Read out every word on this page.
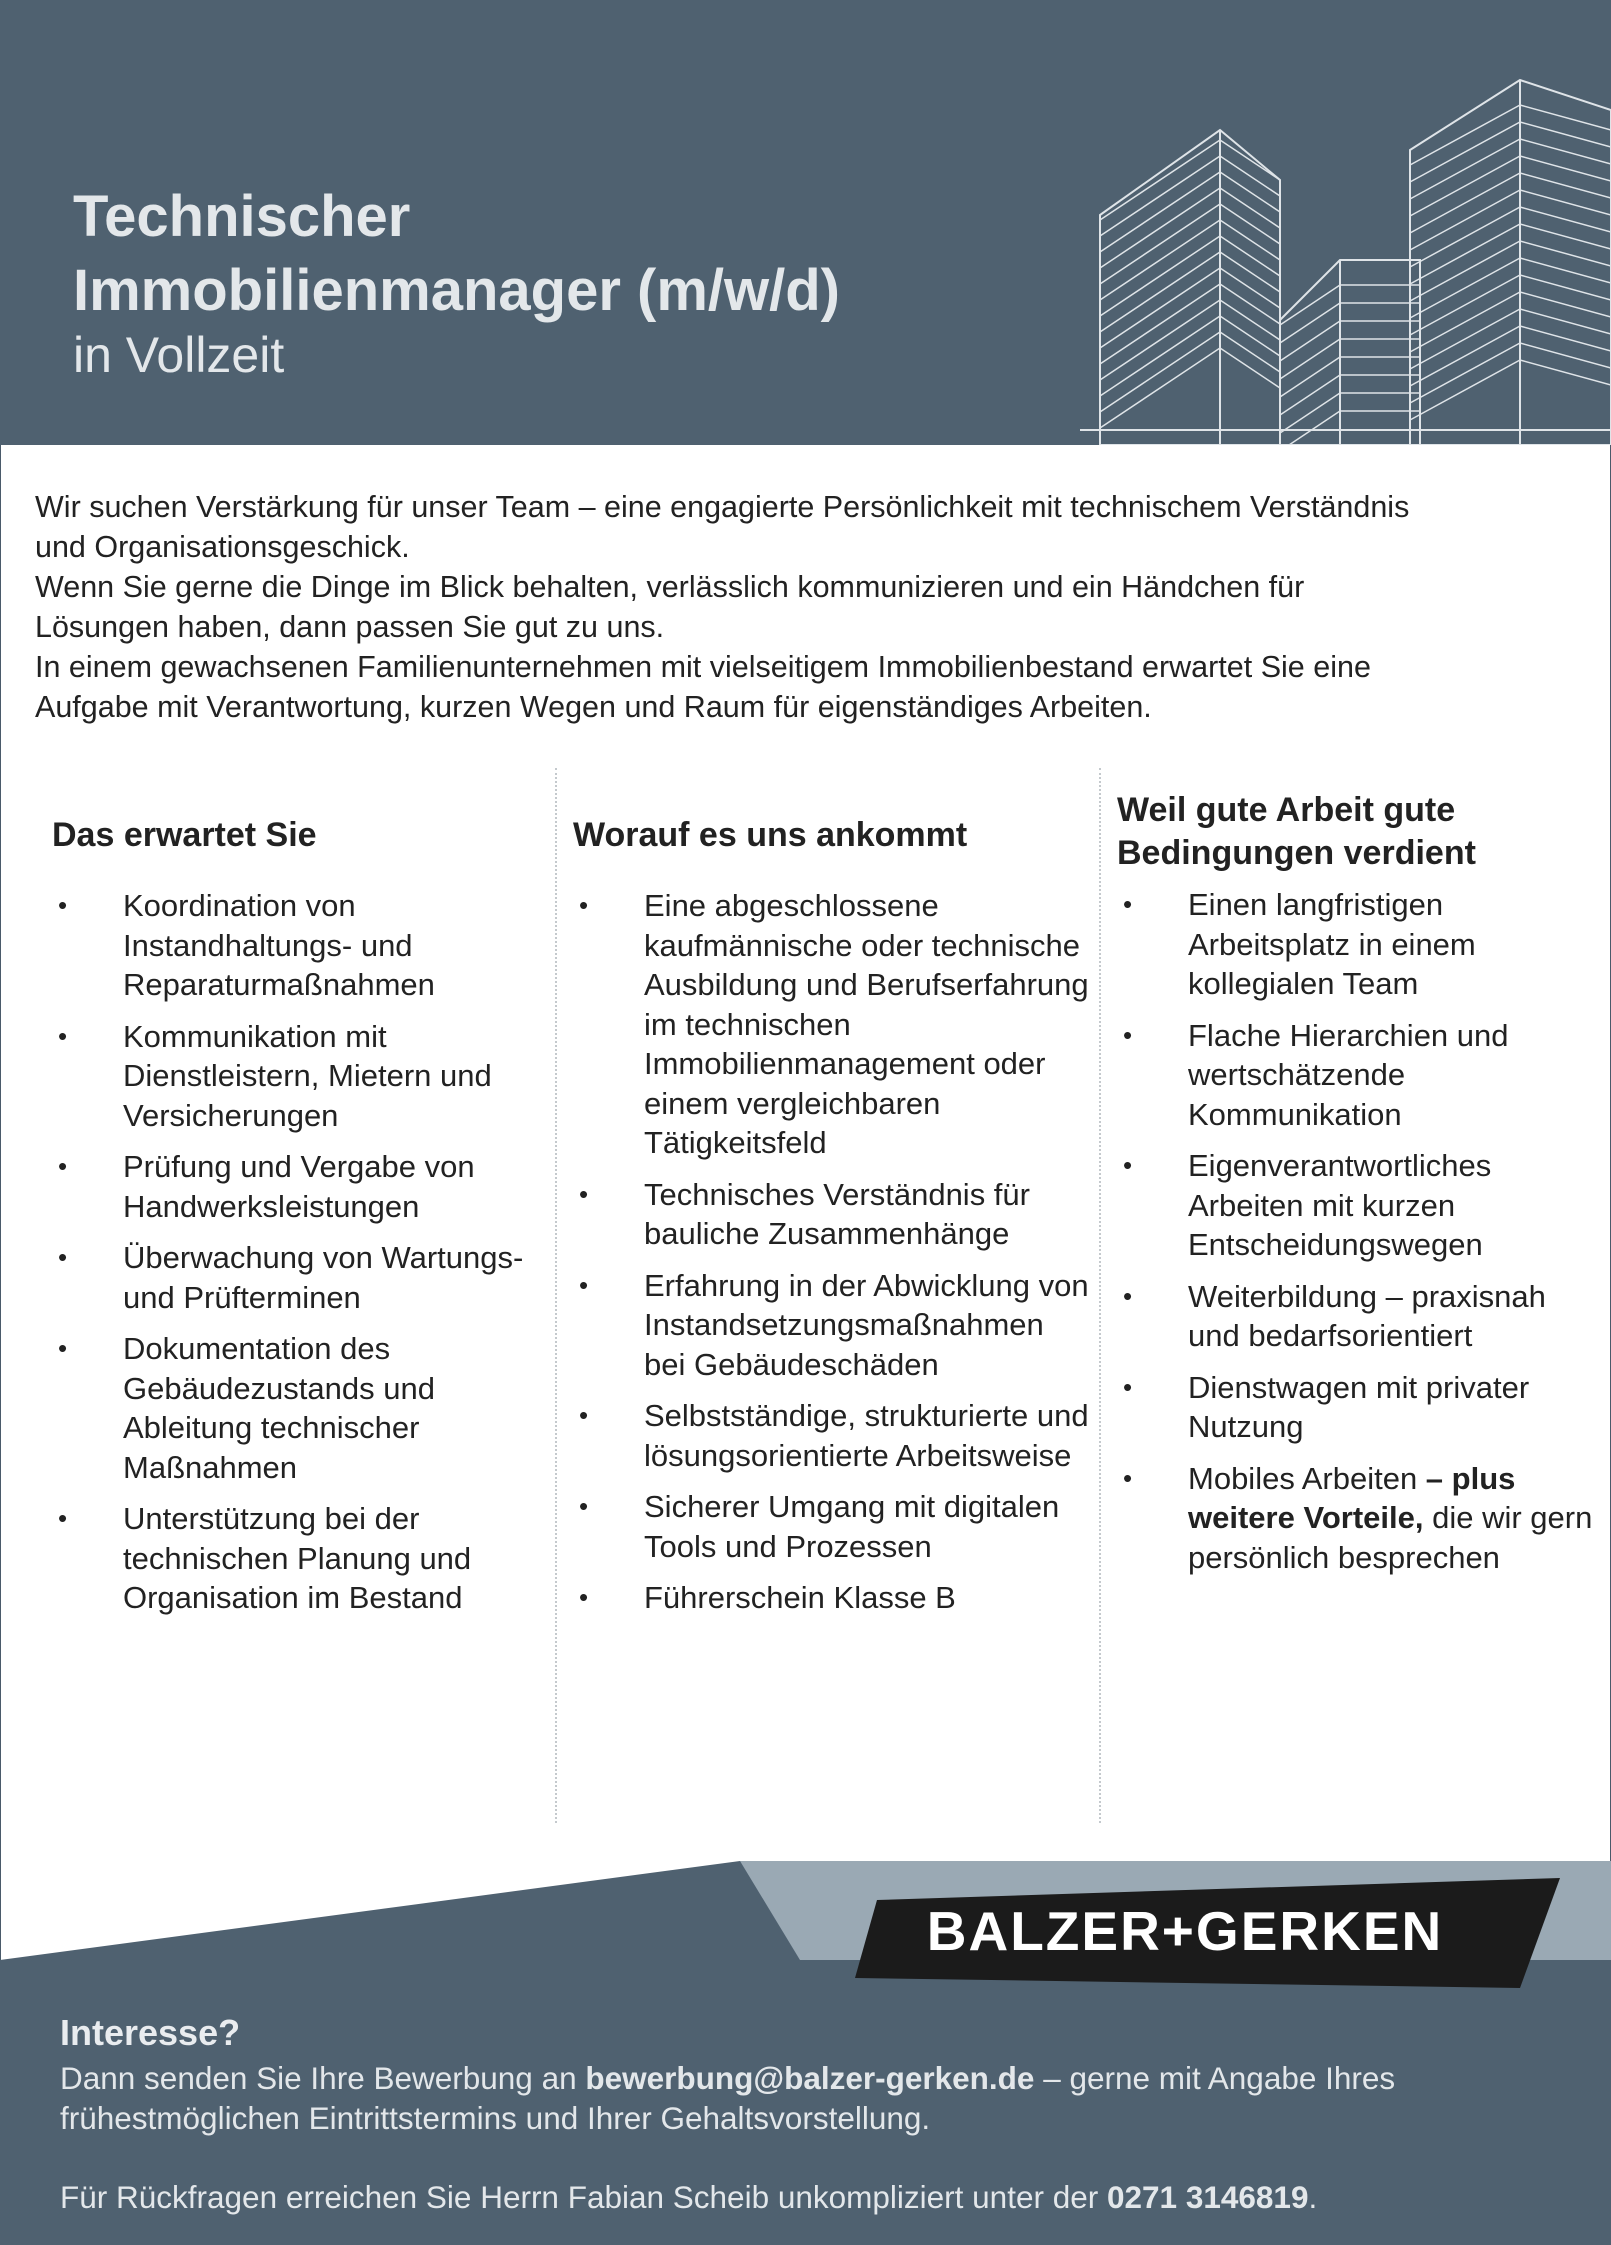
Technischer
Immobilienmanager (m/w/d)
in Vollzeit

Wir suchen Verstärkung für unser Team – eine engagierte Persönlichkeit mit technischem Verständnis

und Organisationsgeschick.

Wenn Sie gerne die Dinge im Blick behalten, verlässlich kommunizieren und ein Händchen für

Lösungen haben, dann passen Sie gut zu uns.

In einem gewachsenen Familienunternehmen mit vielseitigem Immobilienbestand erwartet Sie eine

Aufgabe mit Verantwortung, kurzen Wegen und Raum für eigenständiges Arbeiten.

Das erwartet Sie
• Koordination von Instandhaltungs- und Reparaturmaßnahmen
• Kommunikation mit Dienstleistern, Mietern und Versicherungen
• Prüfung und Vergabe von Handwerksleistungen
• Überwachung von Wartungs- und Prüfterminen
• Dokumentation des Gebäudezustands und Ableitung technischer Maßnahmen
• Unterstützung bei der technischen Planung und Organisation im Bestand
Worauf es uns ankommt
• Eine abgeschlossene kaufmännische oder technische Ausbildung und Berufserfahrung im technischen Immobilienmanagement oder einem vergleichbaren Tätigkeitsfeld
• Technisches Verständnis für bauliche Zusammenhänge
• Erfahrung in der Abwicklung von Instandsetzungsmaßnahmen bei Gebäudeschäden
• Selbstständige, strukturierte und lösungsorientierte Arbeitsweise
• Sicherer Umgang mit digitalen Tools und Prozessen
• Führerschein Klasse B
Weil gute Arbeit gute Bedingungen verdient
• Einen langfristigen Arbeitsplatz in einem kollegialen Team
• Flache Hierarchien und wertschätzende Kommunikation
• Eigenverantwortliches Arbeiten mit kurzen Entscheidungswegen
• Weiterbildung – praxisnah und bedarfsorientiert
• Dienstwagen mit privater Nutzung
• Mobiles Arbeiten – plus weitere Vorteile, die wir gern persönlich besprechen
BALZER+GERKEN
Interesse?
Dann senden Sie Ihre Bewerbung an bewerbung@balzer-gerken.de – gerne mit Angabe Ihres
frühestmöglichen Eintrittstermins und Ihrer Gehaltsvorstellung.
Für Rückfragen erreichen Sie Herrn Fabian Scheib unkompliziert unter der 0271 3146819.
